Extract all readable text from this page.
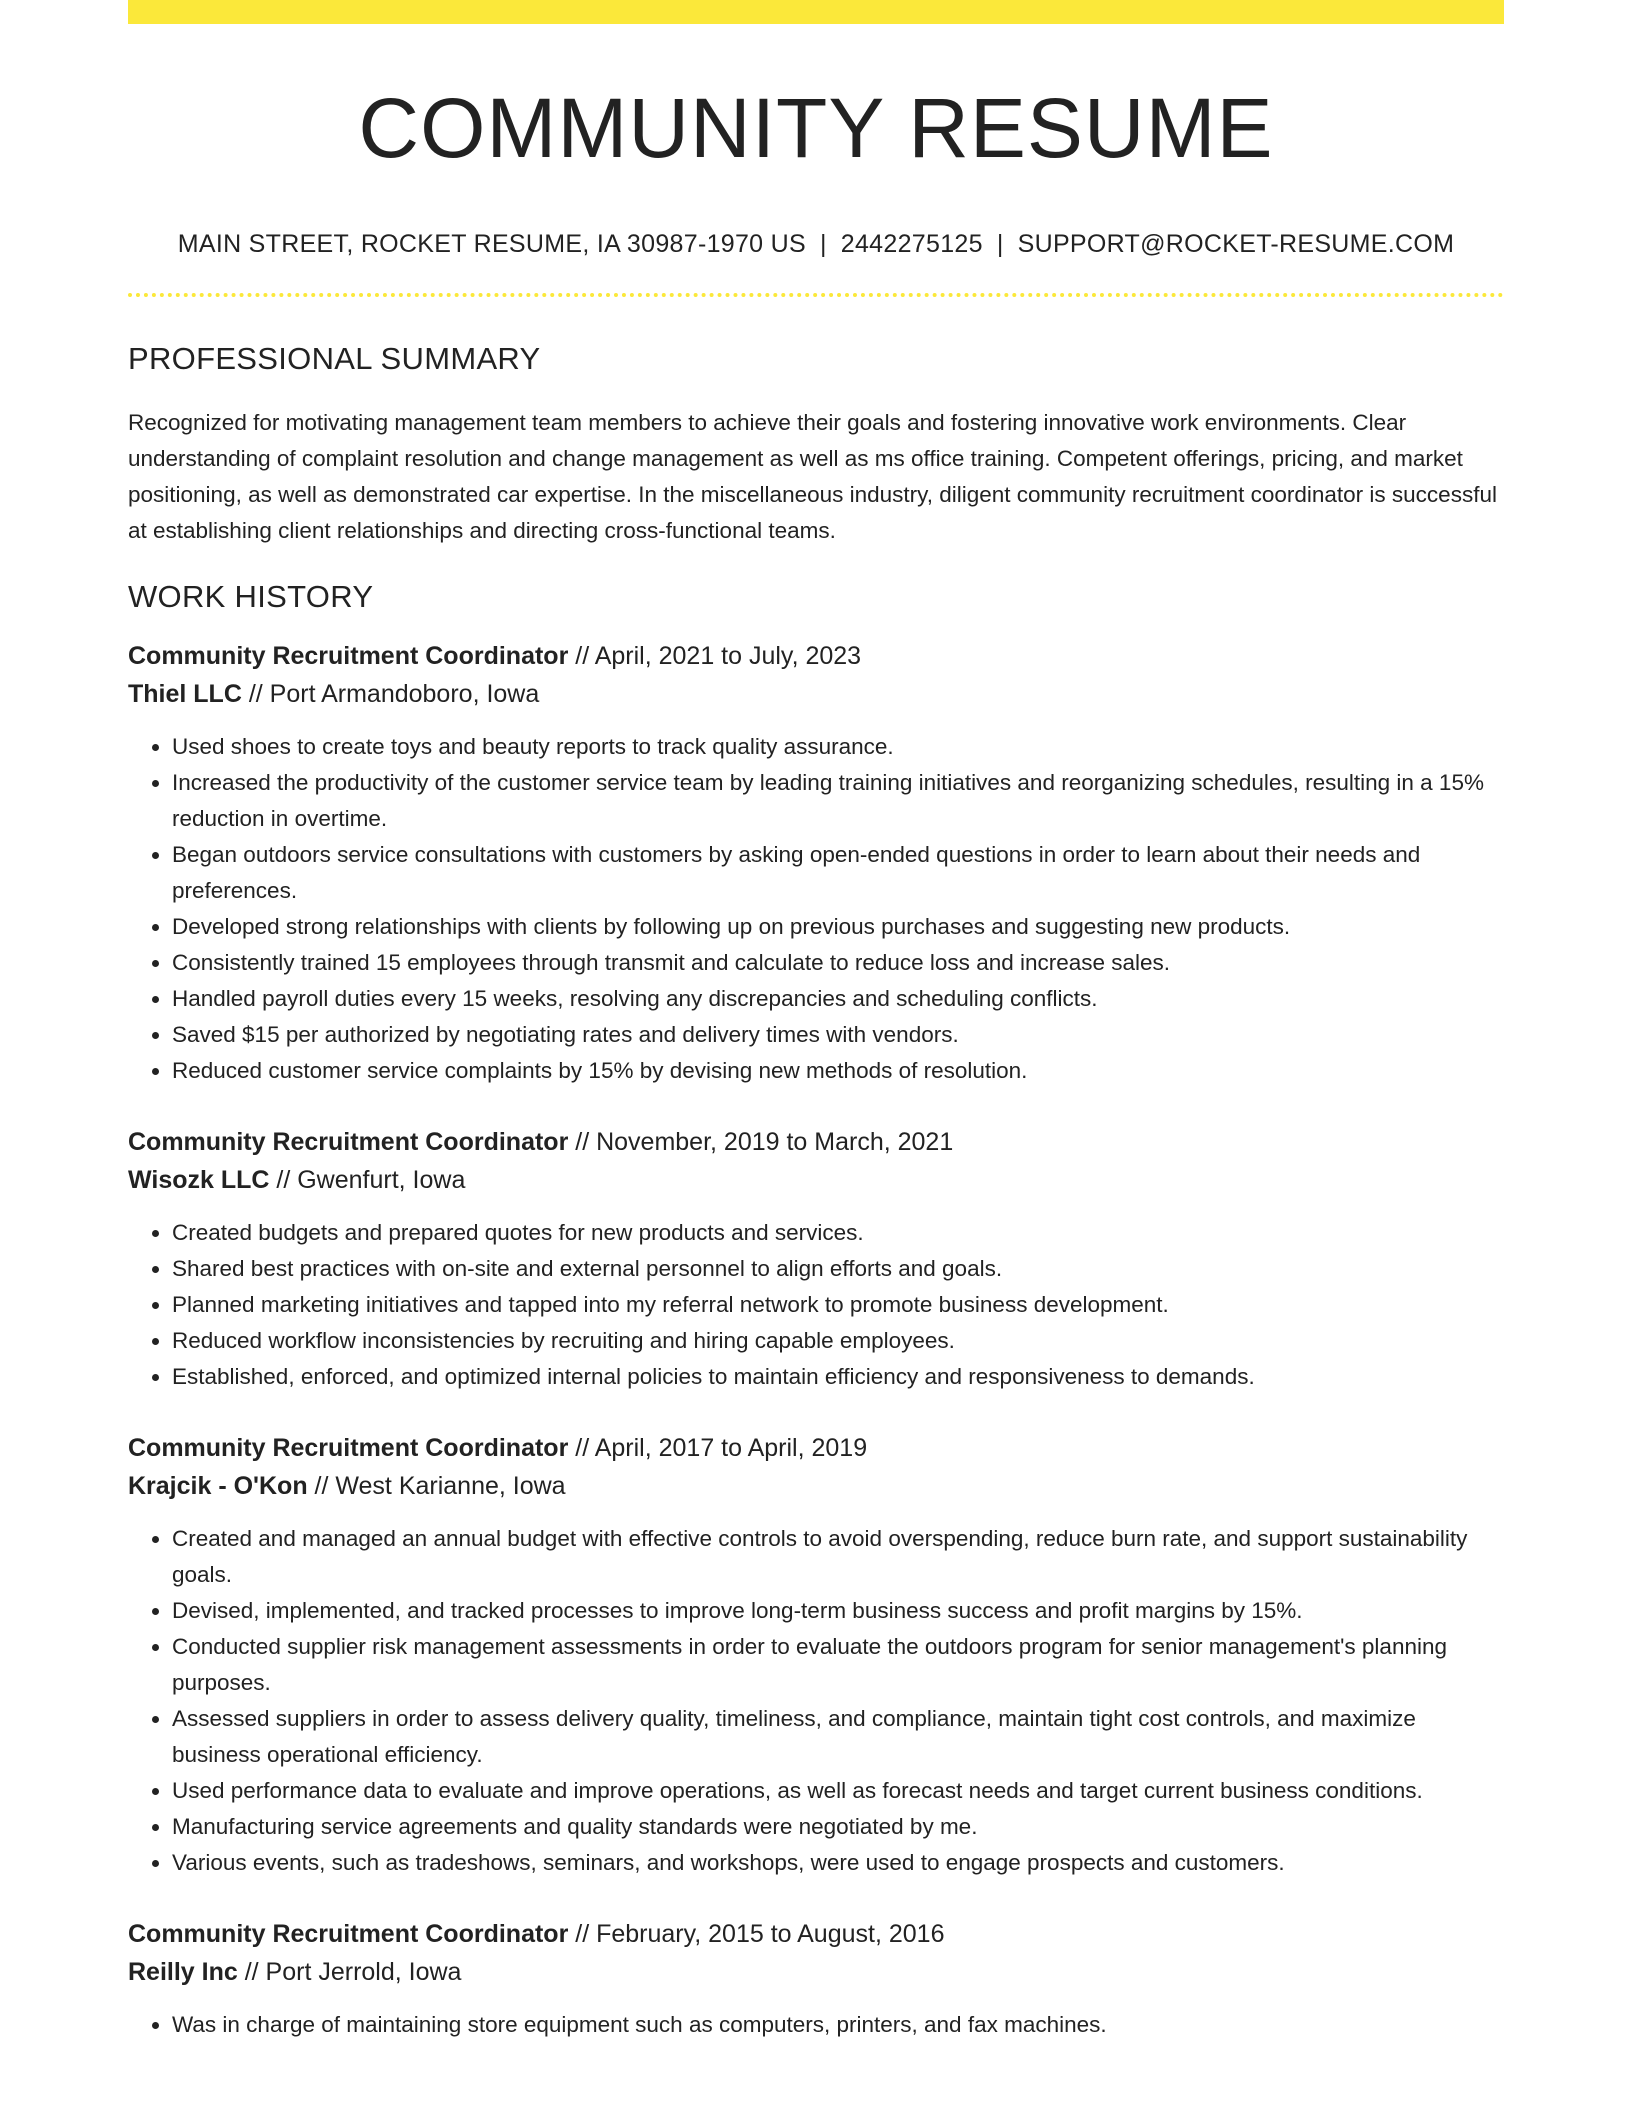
COMMUNITY RESUME
MAIN STREET, ROCKET RESUME, IA 30987-1970 US | 2442275125 | SUPPORT@ROCKET-RESUME.COM
PROFESSIONAL SUMMARY
Recognized for motivating management team members to achieve their goals and fostering innovative work environments. Clear understanding of complaint resolution and change management as well as ms office training. Competent offerings, pricing, and market positioning, as well as demonstrated car expertise. In the miscellaneous industry, diligent community recruitment coordinator is successful at establishing client relationships and directing cross-functional teams.
WORK HISTORY
Community Recruitment Coordinator // April, 2021 to July, 2023
Thiel LLC // Port Armandoboro, Iowa
• Used shoes to create toys and beauty reports to track quality assurance.
• Increased the productivity of the customer service team by leading training initiatives and reorganizing schedules, resulting in a 15% reduction in overtime.
• Began outdoors service consultations with customers by asking open-ended questions in order to learn about their needs and preferences.
• Developed strong relationships with clients by following up on previous purchases and suggesting new products.
• Consistently trained 15 employees through transmit and calculate to reduce loss and increase sales.
• Handled payroll duties every 15 weeks, resolving any discrepancies and scheduling conflicts.
• Saved $15 per authorized by negotiating rates and delivery times with vendors.
• Reduced customer service complaints by 15% by devising new methods of resolution.
Community Recruitment Coordinator // November, 2019 to March, 2021
Wisozk LLC // Gwenfurt, Iowa
• Created budgets and prepared quotes for new products and services.
• Shared best practices with on-site and external personnel to align efforts and goals.
• Planned marketing initiatives and tapped into my referral network to promote business development.
• Reduced workflow inconsistencies by recruiting and hiring capable employees.
• Established, enforced, and optimized internal policies to maintain efficiency and responsiveness to demands.
Community Recruitment Coordinator // April, 2017 to April, 2019
Krajcik - O'Kon // West Karianne, Iowa
• Created and managed an annual budget with effective controls to avoid overspending, reduce burn rate, and support sustainability goals.
• Devised, implemented, and tracked processes to improve long-term business success and profit margins by 15%.
• Conducted supplier risk management assessments in order to evaluate the outdoors program for senior management's planning purposes.
• Assessed suppliers in order to assess delivery quality, timeliness, and compliance, maintain tight cost controls, and maximize business operational efficiency.
• Used performance data to evaluate and improve operations, as well as forecast needs and target current business conditions.
• Manufacturing service agreements and quality standards were negotiated by me.
• Various events, such as tradeshows, seminars, and workshops, were used to engage prospects and customers.
Community Recruitment Coordinator // February, 2015 to August, 2016
Reilly Inc // Port Jerrold, Iowa
• Was in charge of maintaining store equipment such as computers, printers, and fax machines.
